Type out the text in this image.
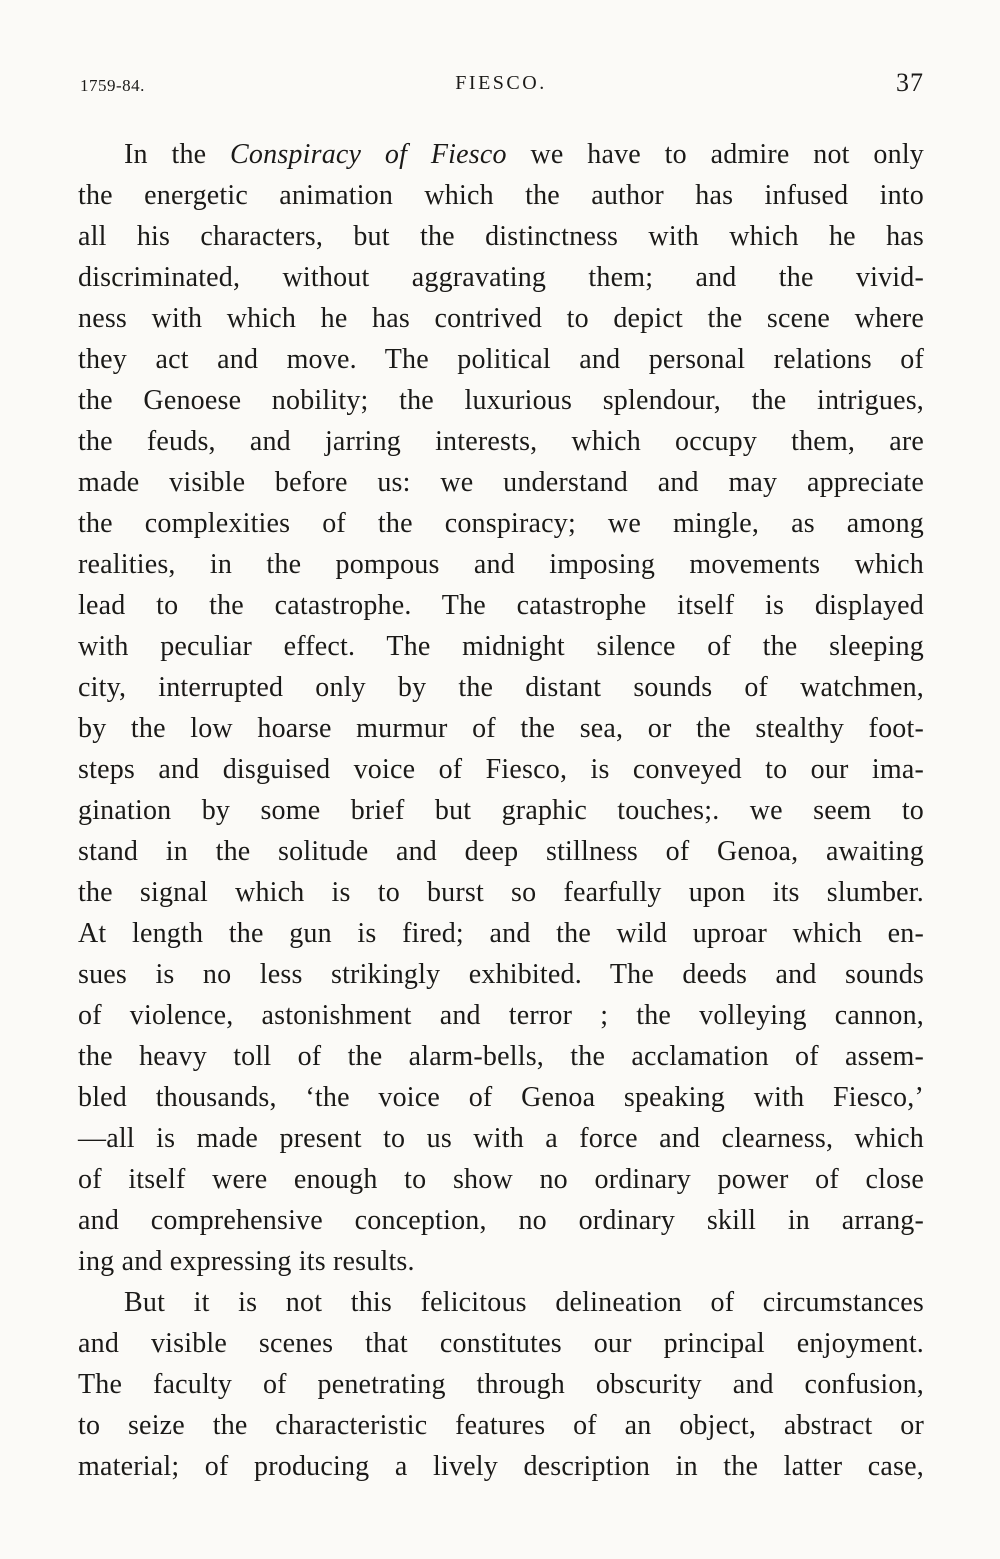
1759-84.	FIESCO.	37
In the Conspiracy of Fiesco we have to admire not only
the energetic animation which the author has infused into
all his characters, but the distinctness with which he has
discriminated, without aggravating them; and the vivid-
ness with which he has contrived to depict the scene where
they act and move. The political and personal relations of
the Genoese nobility; the luxurious splendour, the intrigues,
the feuds, and jarring interests, which occupy them, are
made visible before us: we understand and may appreciate
the complexities of the conspiracy; we mingle, as among
realities, in the pompous and imposing movements which
lead to the catastrophe. The catastrophe itself is displayed
with peculiar effect. The midnight silence of the sleeping
city, interrupted only by the distant sounds of watchmen,
by the low hoarse murmur of the sea, or the stealthy foot-
steps and disguised voice of Fiesco, is conveyed to our ima-
gination by some brief but graphic touches;. we seem to
stand in the solitude and deep stillness of Genoa, awaiting
the signal which is to burst so fearfully upon its slumber.
At length the gun is fired; and the wild uproar which en-
sues is no less strikingly exhibited. The deeds and sounds
of violence, astonishment and terror ; the volleying cannon,
the heavy toll of the alarm-bells, the acclamation of assem-
bled thousands, ‘the voice of Genoa speaking with Fiesco,’
—all is made present to us with a force and clearness, which
of itself were enough to show no ordinary power of close
and comprehensive conception, no ordinary skill in arrang-
ing and expressing its results.
But it is not this felicitous delineation of circumstances
and visible scenes that constitutes our principal enjoyment.
The faculty of penetrating through obscurity and confusion,
to seize the characteristic features of an object, abstract or
material; of producing a lively description in the latter case,
